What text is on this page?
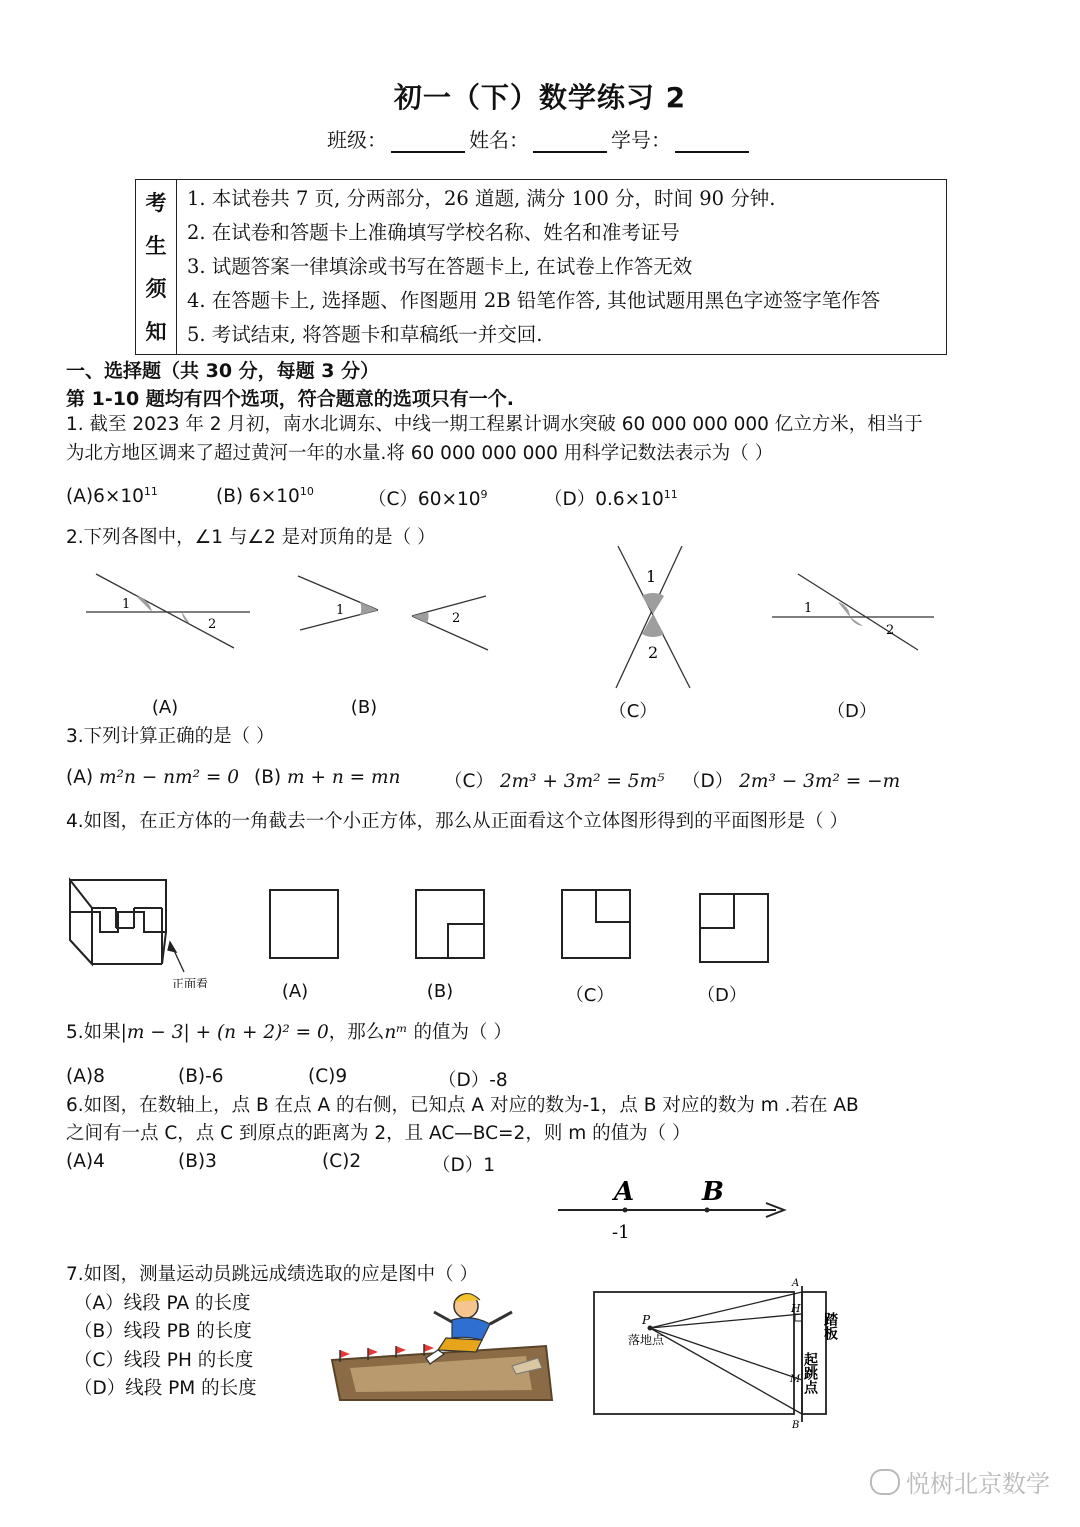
初一（下）数学练习 2
班级：	姓名：	学号：
考
生
须
知

1. 本试卷共 7 页, 分两部分，26 道题, 满分 100 分，时间 90 分钟.
2. 在试卷和答题卡上准确填写学校名称、姓名和准考证号
3. 试题答案一律填涂或书写在答题卡上, 在试卷上作答无效
4. 在答题卡上, 选择题、作图题用 2B 铅笔作答, 其他试题用黑色字迹签字笔作答
5. 考试结束, 将答题卡和草稿纸一并交回.
一、选择题（共 30 分，每题 3 分）
第 1-10 题均有四个选项，符合题意的选项只有一个.
1. 截至 2023 年 2 月初，南水北调东、中线一期工程累计调水突破 60 000 000 000 亿立方米，相当于
为北方地区调来了超过黄河一年的水量.将 60 000 000 000 用科学记数法表示为（ ）
$(A)6\times 10^{11}$	(B) $6\times 10^{10}$	$(C)60\times 10^9$	$(D)0.6\times 10^{11}$
2.下列各图中，∠1 与∠2 是对顶角的是（ ）
1
2
1
2
1
2
1
2
(A)	(B)	（C）	（D）
3.下列计算正确的是（ ）
(A) m²n − nm² = 0 (B) m + n = mn （C） 2m³ + 3m² = 5m⁵ （D） 2m³ − 3m² = −m
4.如图，在正方体的一角截去一个小正方体，那么从正面看这个立体图形得到的平面图形是（ ）
正面看	(A)	(B)	（C）	（D）
5.如果|m − 3| + (n + 2)² = 0，那么nᵐ 的值为（ ）
(A)8	(B)-6	(C)9	（D）-8
6.如图，在数轴上，点 B 在点 A 的右侧，已知点 A 对应的数为-1，点 B 对应的数为 m .若在 AB
之间有一点 C，点 C 到原点的距离为 2，且 AC—BC=2，则 m 的值为（ ）
(A)4	(B)3	(C)2	（D）1
A	B
-1
7.如图，测量运动员跳远成绩选取的应是图中（ ）
（A）线段 PA 的长度
（B）线段 PB 的长度
（C）线段 PH 的长度
（D）线段 PM 的长度
P
落地点
A
H
M
B
踏板
起跳点
悦树北京数学
